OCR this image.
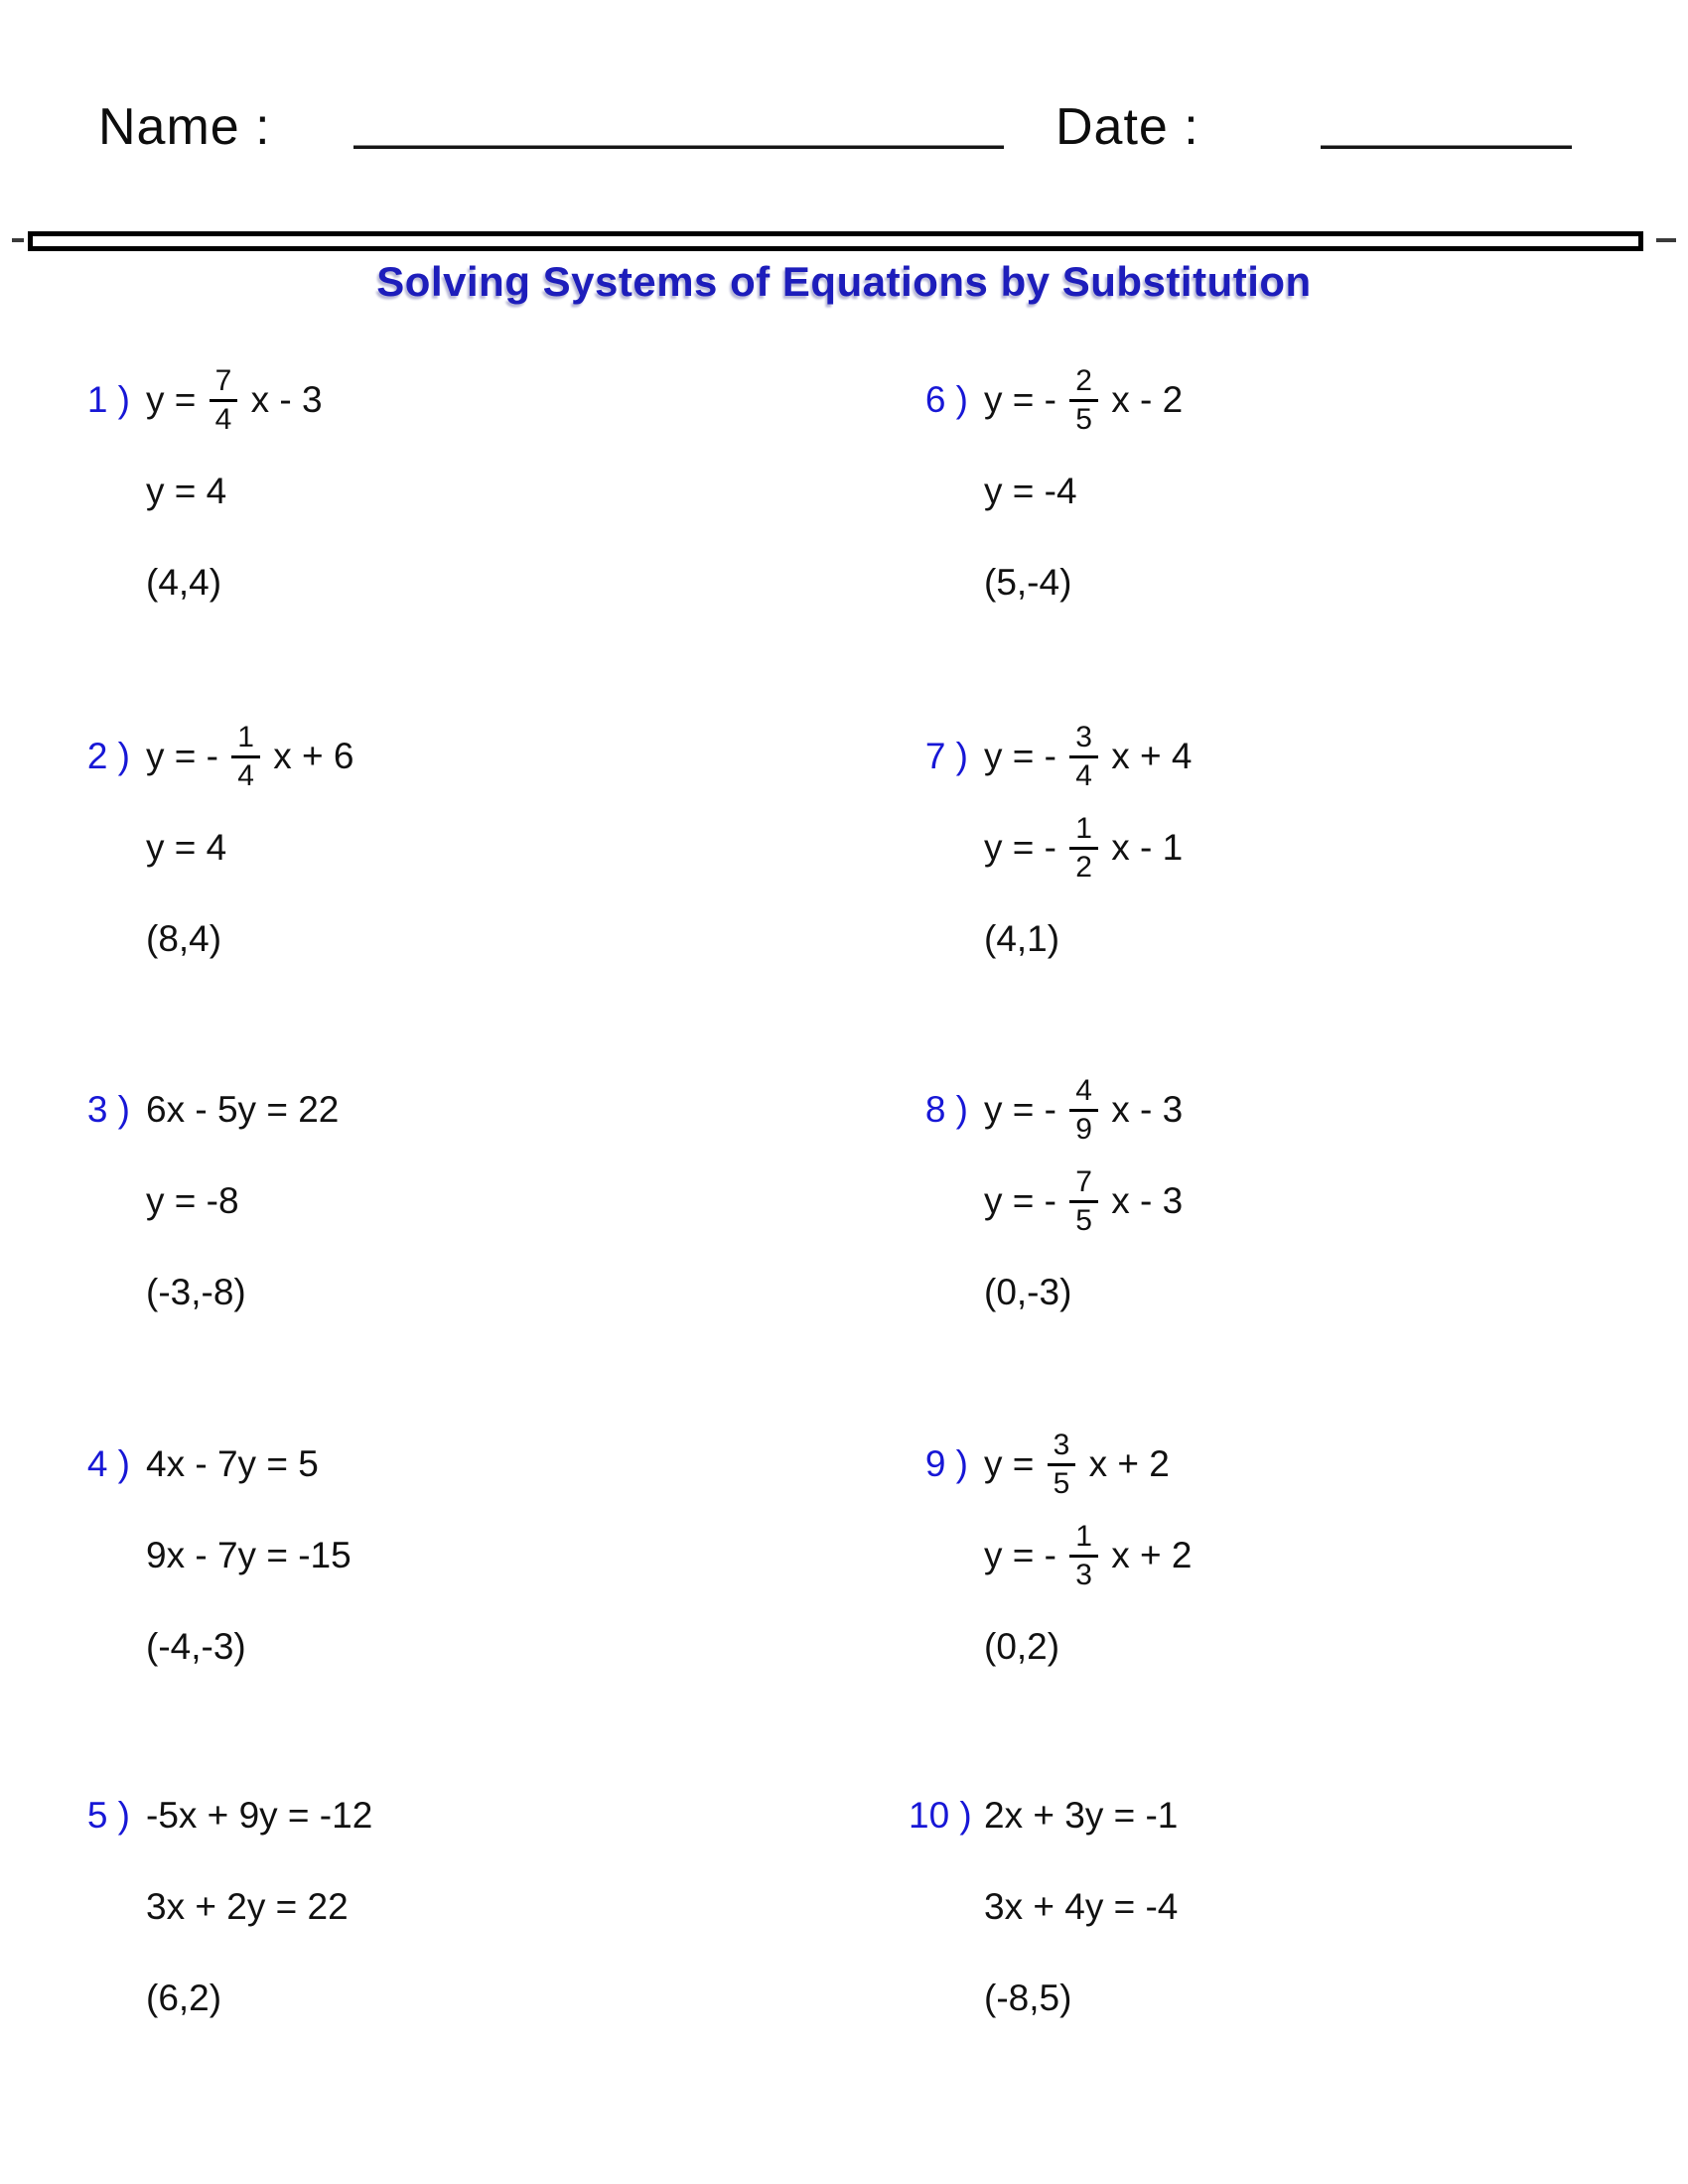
Name :	Date :
Solving Systems of Equations by Substitution
1 ) $y = \frac{7}{4}$ x - 3
y = 4
(4,4)
2 ) y = - $\frac{1}{4}$ x + 6
y = 4
(8,4)
3 ) 6x - 5y = 22
y = -8
(-3,-8)
4 ) 4x - 7y = 5
9x - 7y = -15
(-4,-3)
5 ) -5x + 9y = -12
3x + 2y = 22
(6,2)
6 ) y = - $\frac{2}{5}$ x - 2
y = -4
(5,-4)
7 ) y = - $\frac{3}{4}$ x + 4
y = - $\frac{1}{2}$ x - 1
(4,1)
8 ) y = - $\frac{4}{9}$ x - 3
y = - $\frac{7}{5}$ x - 3
(0,-3)
9 ) $y = \frac{3}{5}$ x + 2
y = - $\frac{1}{3}$ x + 2
(0,2)
10 ) 2x + 3y = -1
3x + 4y = -4
(-8,5)
